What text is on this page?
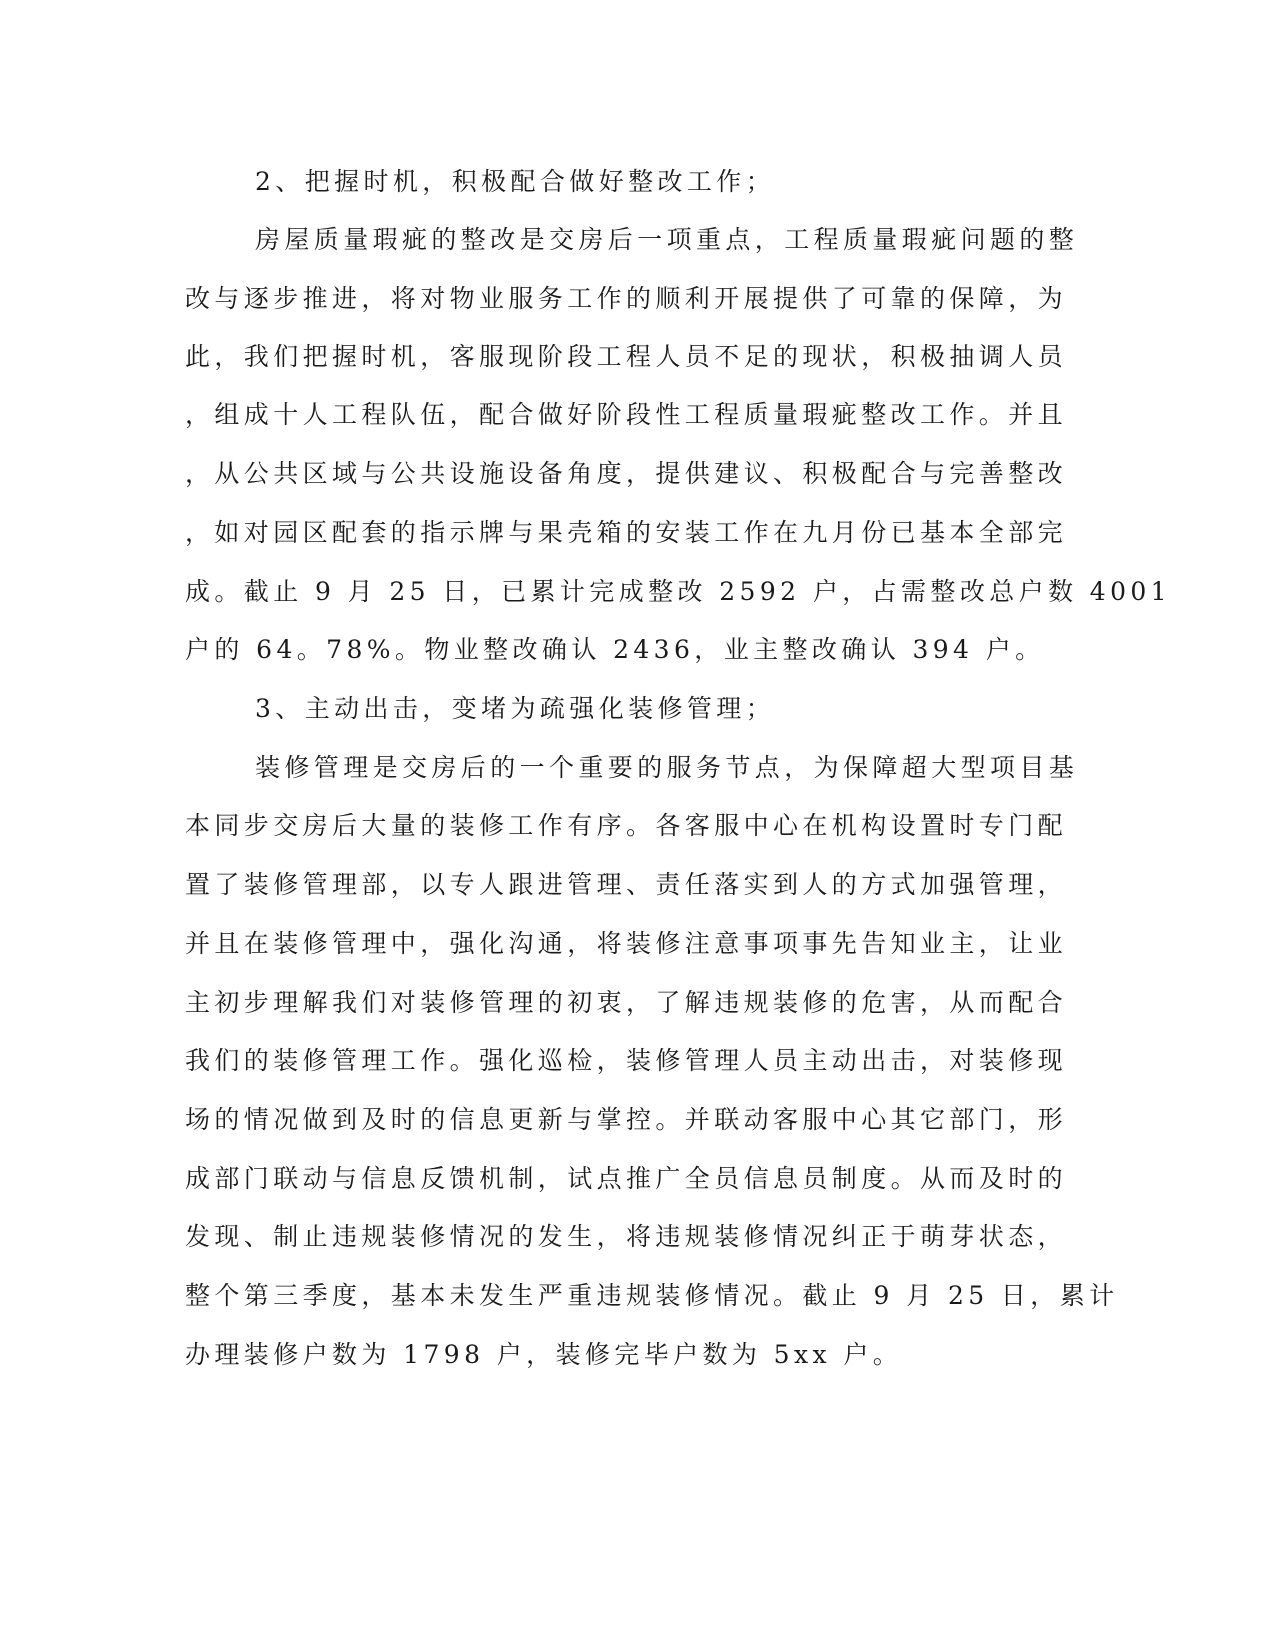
2、把握时机，积极配合做好整改工作；
房屋质量瑕疵的整改是交房后一项重点，工程质量瑕疵问题的整
改与逐步推进，将对物业服务工作的顺利开展提供了可靠的保障，为
此，我们把握时机，客服现阶段工程人员不足的现状，积极抽调人员
，组成十人工程队伍，配合做好阶段性工程质量瑕疵整改工作。并且
，从公共区域与公共设施设备角度，提供建议、积极配合与完善整改
，如对园区配套的指示牌与果壳箱的安装工作在九月份已基本全部完
成。截止 9 月 25 日，已累计完成整改 2592 户，占需整改总户数 4001
户的 64。78%。物业整改确认 2436，业主整改确认 394 户。
3、主动出击，变堵为疏强化装修管理；
装修管理是交房后的一个重要的服务节点，为保障超大型项目基
本同步交房后大量的装修工作有序。各客服中心在机构设置时专门配
置了装修管理部，以专人跟进管理、责任落实到人的方式加强管理，
并且在装修管理中，强化沟通，将装修注意事项事先告知业主，让业
主初步理解我们对装修管理的初衷，了解违规装修的危害，从而配合
我们的装修管理工作。强化巡检，装修管理人员主动出击，对装修现
场的情况做到及时的信息更新与掌控。并联动客服中心其它部门，形
成部门联动与信息反馈机制，试点推广全员信息员制度。从而及时的
发现、制止违规装修情况的发生，将违规装修情况纠正于萌芽状态，
整个第三季度，基本未发生严重违规装修情况。截止 9 月 25 日，累计
办理装修户数为 1798 户，装修完毕户数为 5xx 户。
